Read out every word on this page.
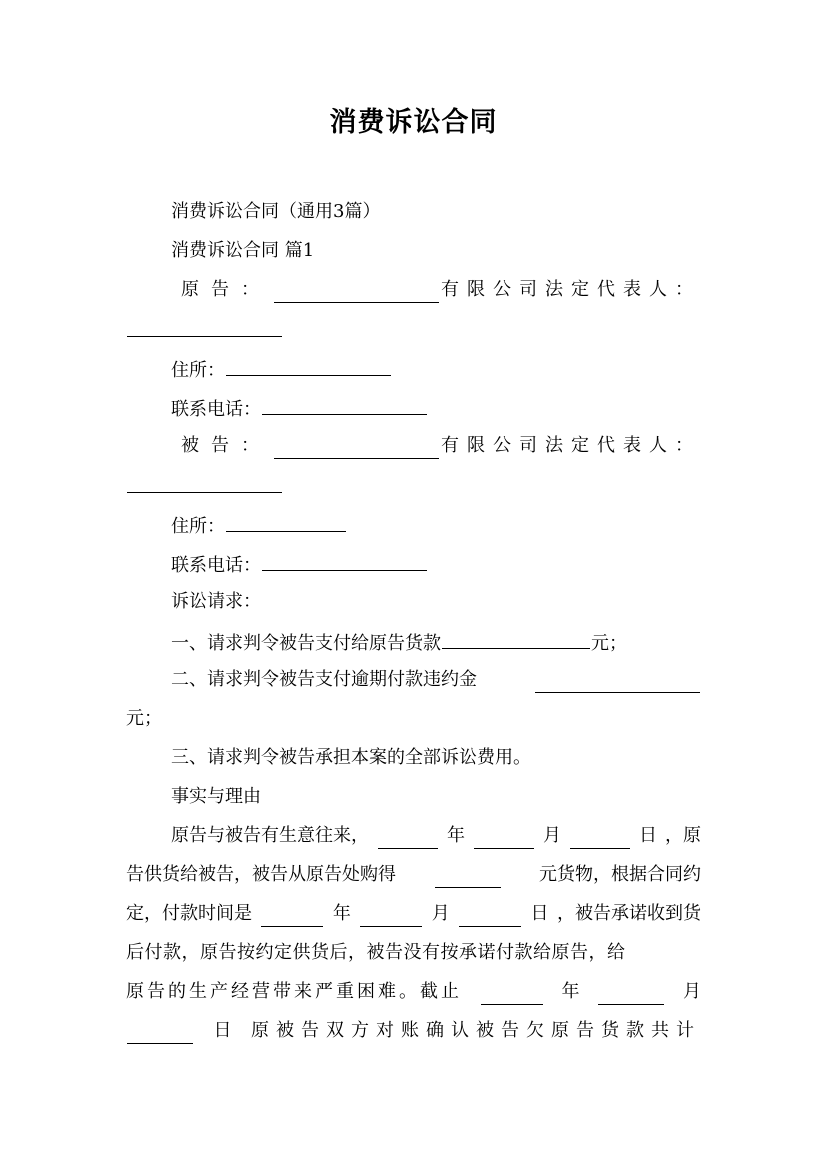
消费诉讼合同
消费诉讼合同（通用3篇）
消费诉讼合同 篇1
原告：	有限公司法定代表人：
住所：
联系电话：
被告：	有限公司法定代表人：
住所：
联系电话：
诉讼请求：
一、请求判令被告支付给原告货款	元；
二、请求判令被告支付逾期付款违约金
元；
三、请求判令被告承担本案的全部诉讼费用。
事实与理由
原告与被告有生意往来，	年	月	日 ，原
告供货给被告，被告从原告处购得	元货物，根据合同约
定，付款时间是	年	月	日 ，被告承诺收到货
后付款，原告按约定供货后，被告没有按承诺付款给原告，给
原告的生产经营带来严重困难。截止	年	月
日 原被告双方对账确认被告欠原告货款共计
